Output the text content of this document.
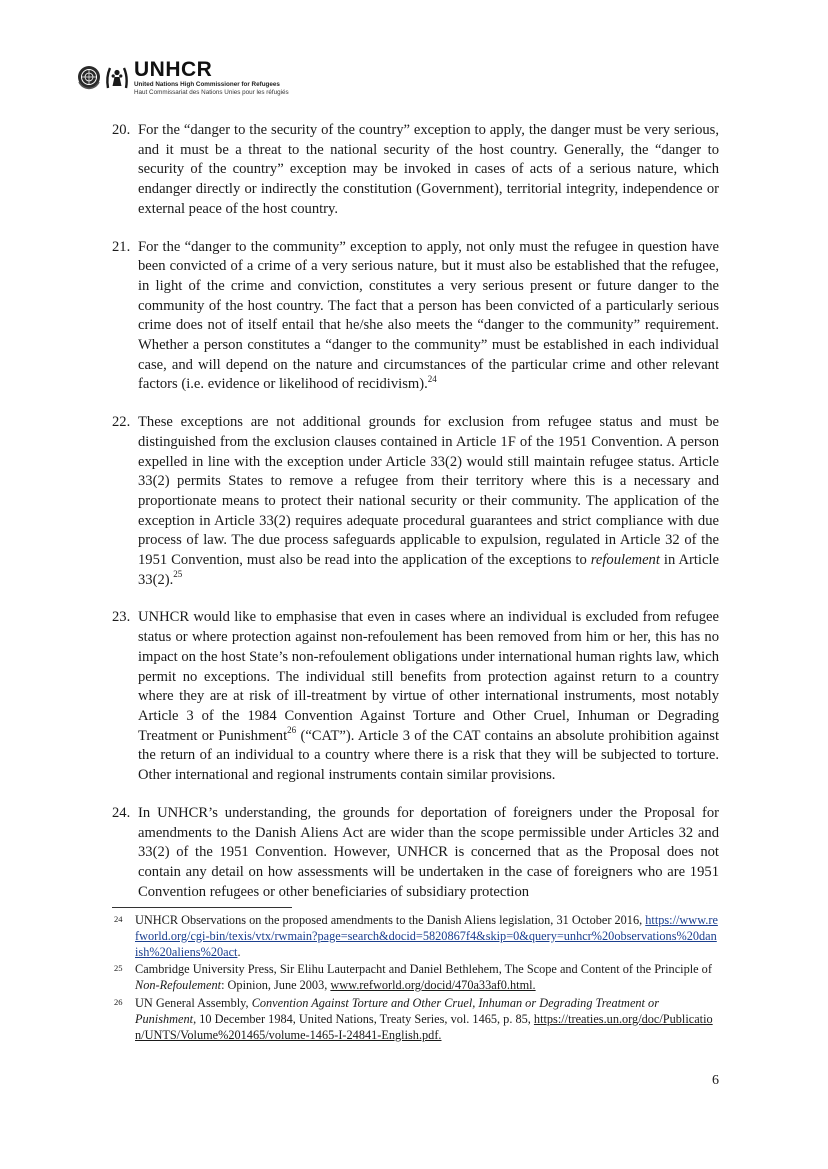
UNHCR
United Nations High Commissioner for Refugees
Haut Commissariat des Nations Unies pour les réfugiés
20. For the “danger to the security of the country” exception to apply, the danger must be very serious, and it must be a threat to the national security of the host country. Generally, the “danger to security of the country” exception may be invoked in cases of acts of a serious nature, which endanger directly or indirectly the constitution (Government), territorial integrity, independence or external peace of the host country.
21. For the “danger to the community” exception to apply, not only must the refugee in question have been convicted of a crime of a very serious nature, but it must also be established that the refugee, in light of the crime and conviction, constitutes a very serious present or future danger to the community of the host country. The fact that a person has been convicted of a particularly serious crime does not of itself entail that he/she also meets the “danger to the community” requirement. Whether a person constitutes a “danger to the community” must be established in each individual case, and will depend on the nature and circumstances of the particular crime and other relevant factors (i.e. evidence or likelihood of recidivism).$^{24}$
22. These exceptions are not additional grounds for exclusion from refugee status and must be distinguished from the exclusion clauses contained in Article 1F of the 1951 Convention. A person expelled in line with the exception under Article 33(2) would still maintain refugee status. Article 33(2) permits States to remove a refugee from their territory where this is a necessary and proportionate means to protect their national security or their community. The application of the exception in Article 33(2) requires adequate procedural guarantees and strict compliance with due process of law. The due process safeguards applicable to expulsion, regulated in Article 32 of the 1951 Convention, must also be read into the application of the exceptions to refoulement in Article 33(2).$^{25}$
23. UNHCR would like to emphasise that even in cases where an individual is excluded from refugee status or where protection against non-refoulement has been removed from him or her, this has no impact on the host State’s non-refoulement obligations under international human rights law, which permit no exceptions. The individual still benefits from protection against return to a country where they are at risk of ill-treatment by virtue of other international instruments, most notably Article 3 of the 1984 Convention Against Torture and Other Cruel, Inhuman or Degrading Treatment or Punishment$^{26}$ (“CAT”). Article 3 of the CAT contains an absolute prohibition against the return of an individual to a country where there is a risk that they will be subjected to torture. Other international and regional instruments contain similar provisions.
24. In UNHCR’s understanding, the grounds for deportation of foreigners under the Proposal for amendments to the Danish Aliens Act are wider than the scope permissible under Articles 32 and 33(2) of the 1951 Convention. However, UNHCR is concerned that as the Proposal does not contain any detail on how assessments will be undertaken in the case of foreigners who are 1951 Convention refugees or other beneficiaries of subsidiary protection
24 UNHCR Observations on the proposed amendments to the Danish Aliens legislation, 31 October 2016, https://www.refworld.org/cgi-bin/texis/vtx/rwmain?page=search&docid=5820867f4&skip=0&query=unhcr%20observations%20danish%20aliens%20act.
25 Cambridge University Press, Sir Elihu Lauterpacht and Daniel Bethlehem, The Scope and Content of the Principle of Non-Refoulement: Opinion, June 2003, www.refworld.org/docid/470a33af0.html.
26 UN General Assembly, Convention Against Torture and Other Cruel, Inhuman or Degrading Treatment or Punishment, 10 December 1984, United Nations, Treaty Series, vol. 1465, p. 85, https://treaties.un.org/doc/Publication/UNTS/Volume%201465/volume-1465-I-24841-English.pdf.
6
